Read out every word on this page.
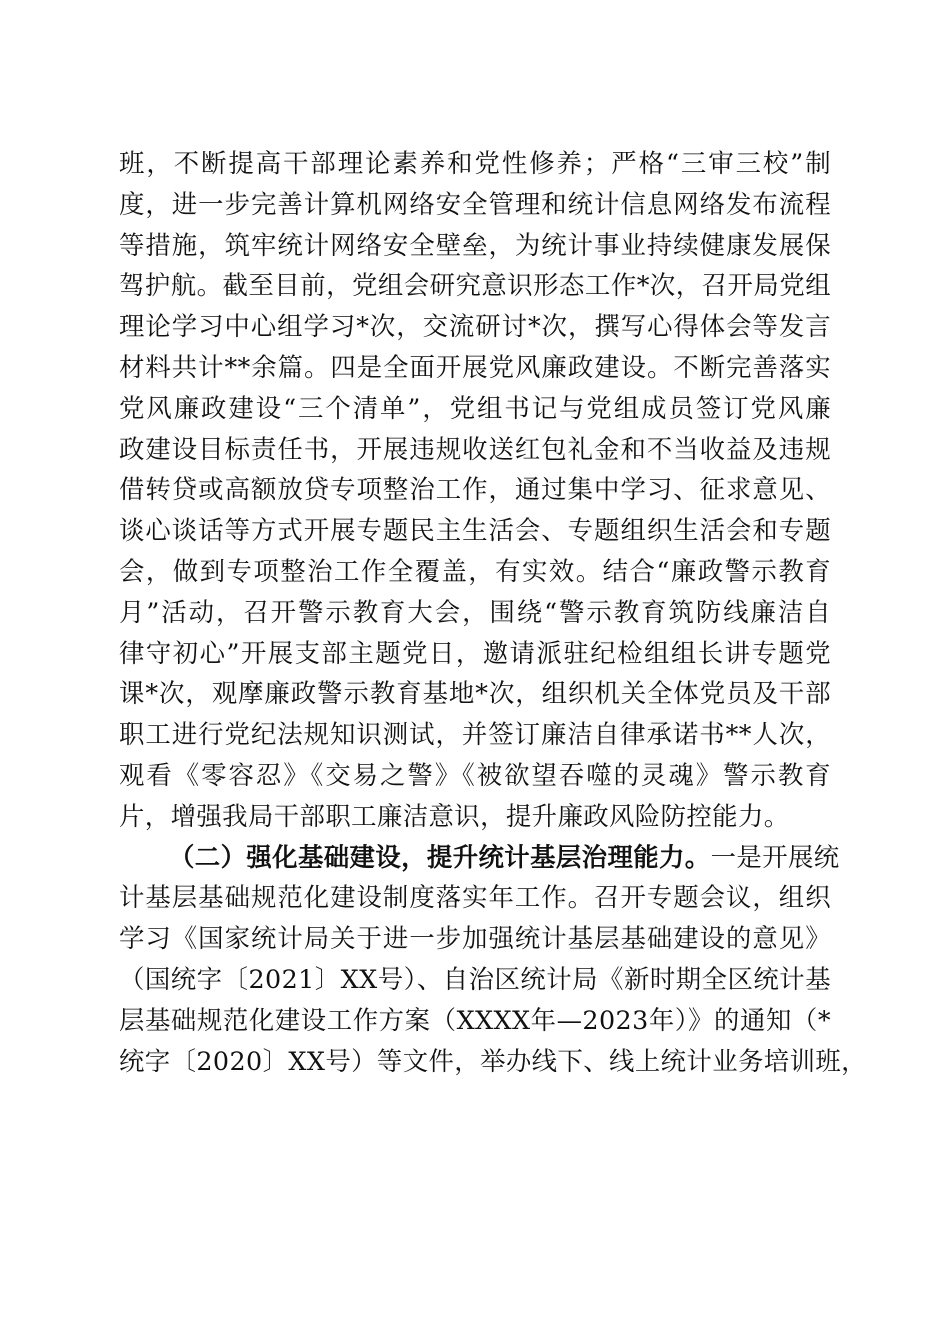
班，不断提高干部理论素养和党性修养；严格“三审三校”制
度，进一步完善计算机网络安全管理和统计信息网络发布流程
等措施，筑牢统计网络安全壁垒，为统计事业持续健康发展保
驾护航。截至目前，党组会研究意识形态工作*次，召开局党组
理论学习中心组学习*次，交流研讨*次，撰写心得体会等发言
材料共计**余篇。四是全面开展党风廉政建设。不断完善落实
党风廉政建设“三个清单”，党组书记与党组成员签订党风廉
政建设目标责任书，开展违规收送红包礼金和不当收益及违规
借转贷或高额放贷专项整治工作，通过集中学习、征求意见、
谈心谈话等方式开展专题民主生活会、专题组织生活会和专题
会，做到专项整治工作全覆盖，有实效。结合“廉政警示教育
月”活动，召开警示教育大会，围绕“警示教育筑防线廉洁自
律守初心”开展支部主题党日，邀请派驻纪检组组长讲专题党
课*次，观摩廉政警示教育基地*次，组织机关全体党员及干部
职工进行党纪法规知识测试，并签订廉洁自律承诺书**人次，
观看《零容忍》《交易之警》《被欲望吞噬的灵魂》警示教育
片，增强我局干部职工廉洁意识，提升廉政风险防控能力。
（二）强化基础建设，提升统计基层治理能力。一是开展统
计基层基础规范化建设制度落实年工作。召开专题会议，组织
学习《国家统计局关于进一步加强统计基层基础建设的意见》
（国统字〔2021〕XX号）、自治区统计局《新时期全区统计基
层基础规范化建设工作方案（XXXX年—2023年）》的通知（*
统字〔2020〕XX号）等文件，举办线下、线上统计业务培训班，
